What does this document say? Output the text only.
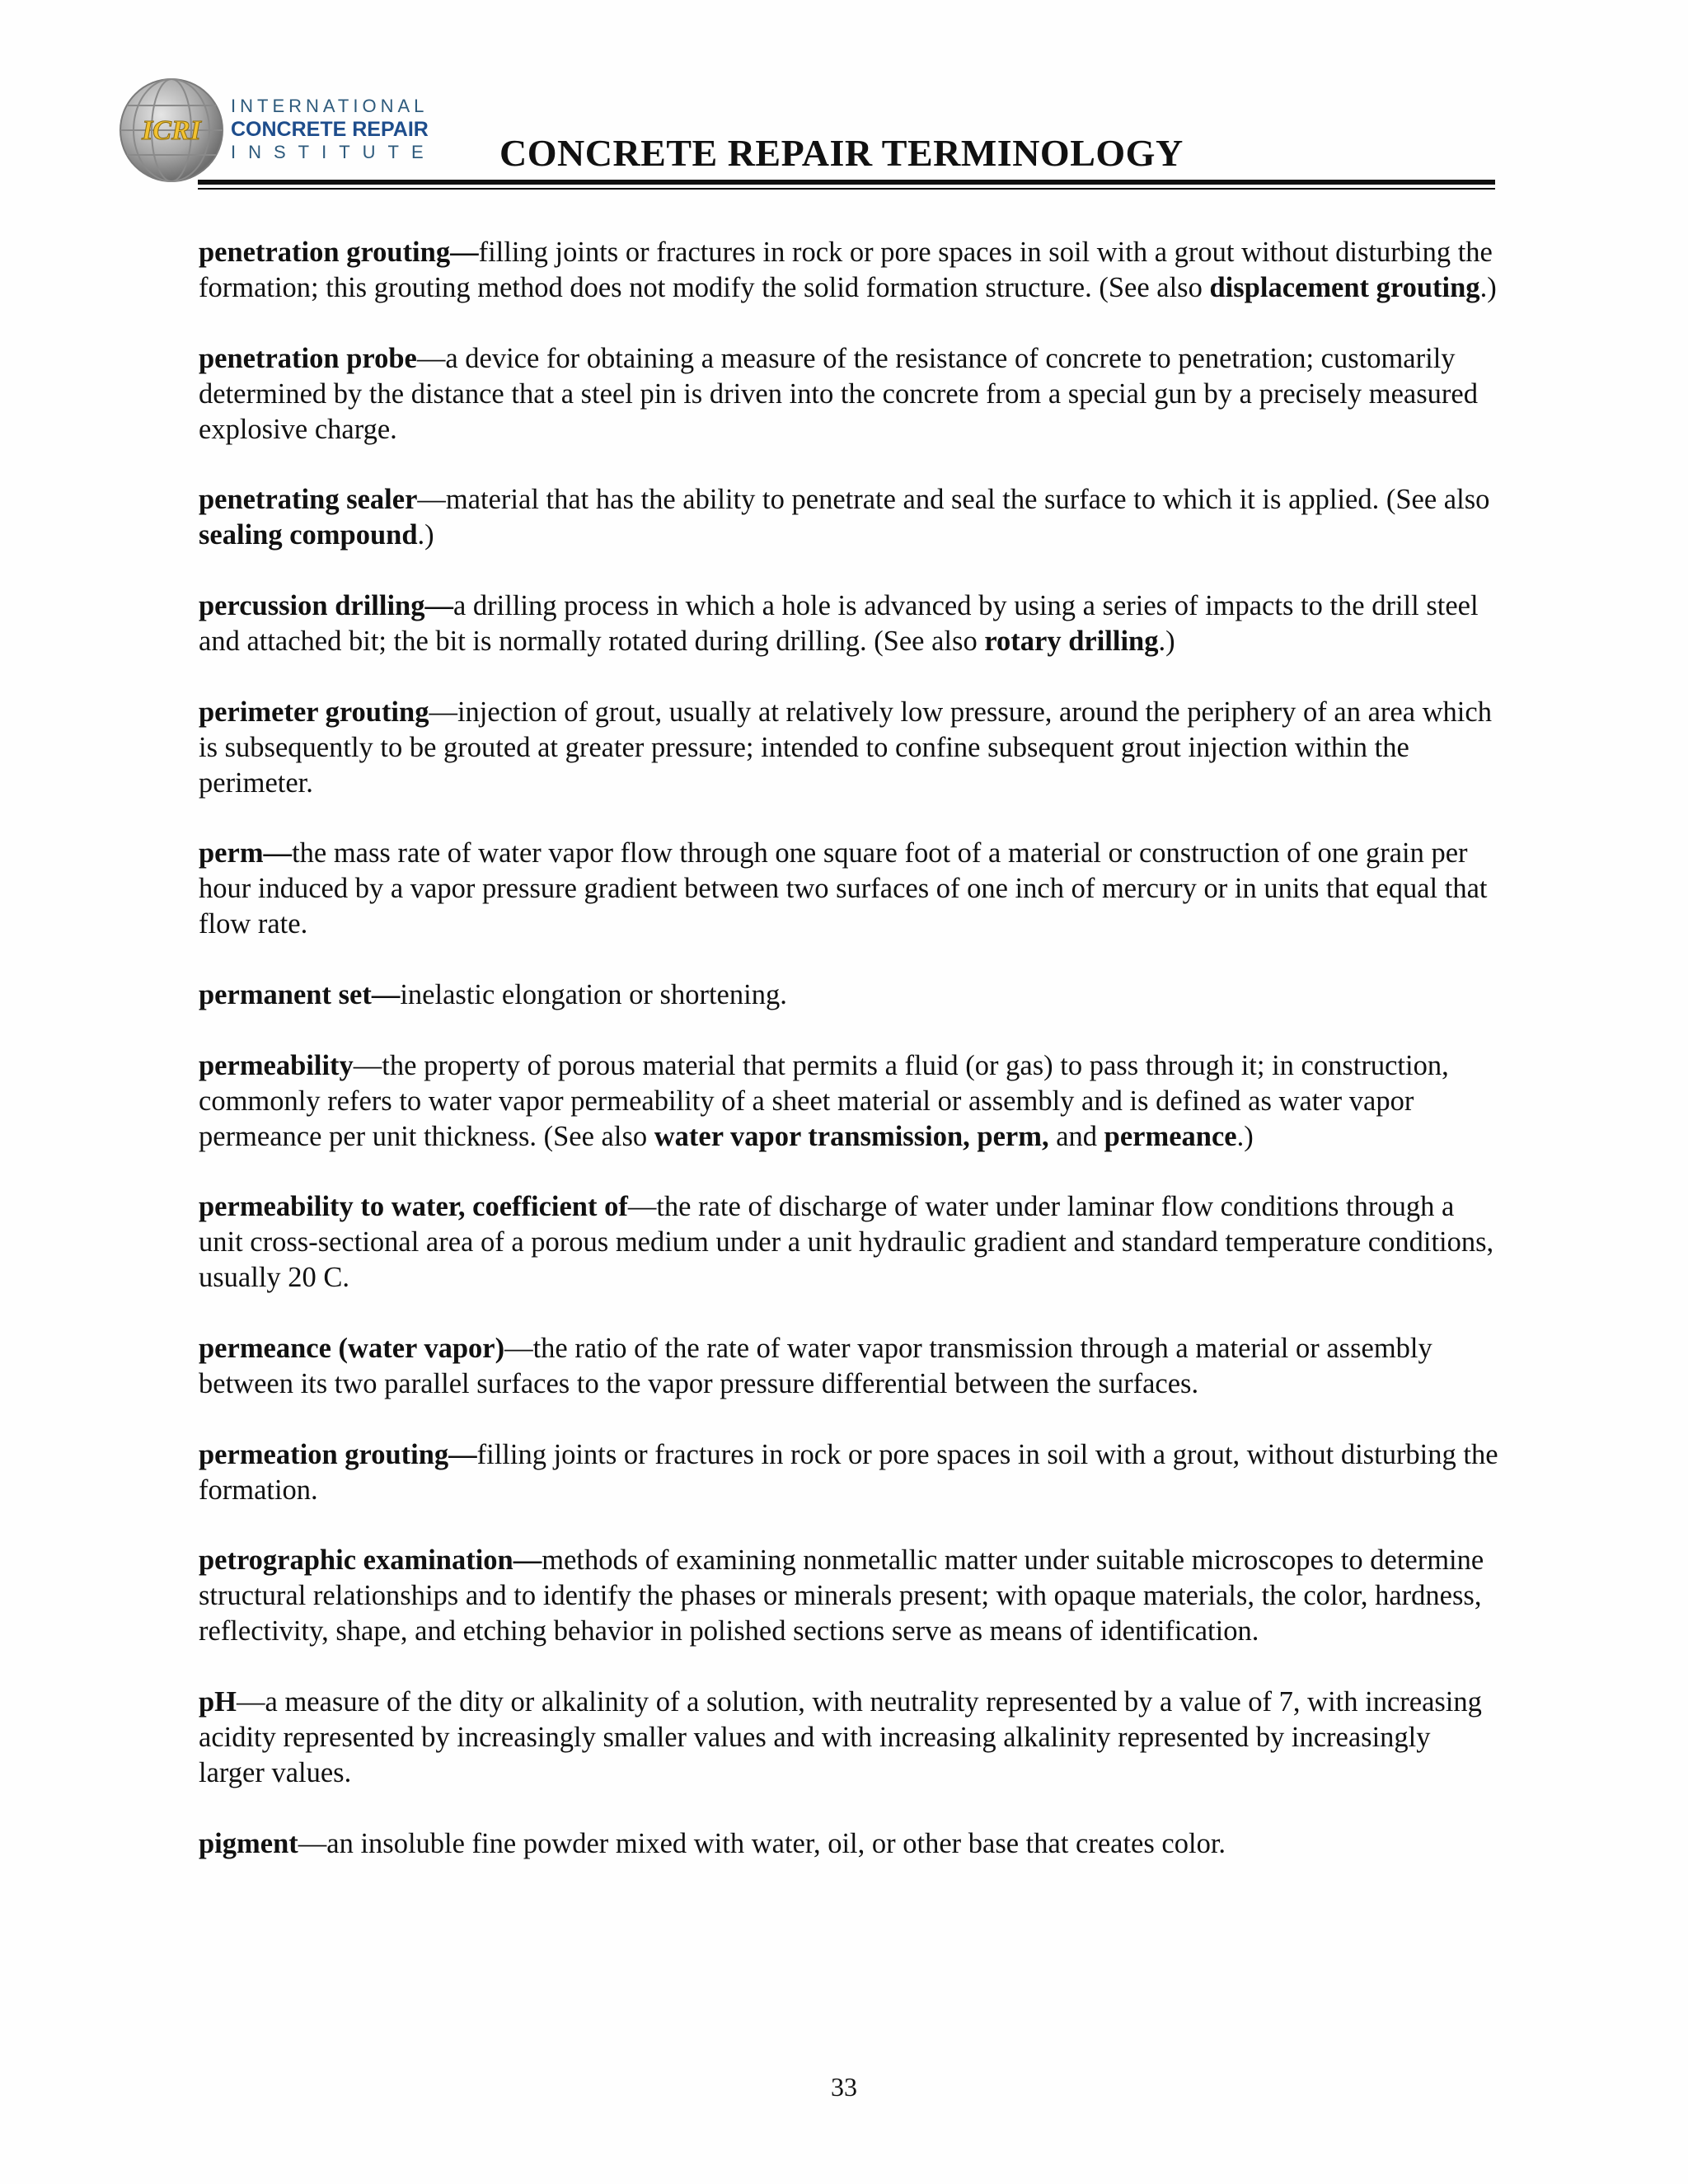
ICRI
INTERNATIONAL
CONCRETE REPAIR
INSTITUTE CONCRETE REPAIR TERMINOLOGY

penetration grouting—filling joints or fractures in rock or pore spaces in soil with a grout without disturbing the formation; this grouting method does not modify the solid formation structure. (See also displacement grouting.)

penetration probe—a device for obtaining a measure of the resistance of concrete to penetration; customarily determined by the distance that a steel pin is driven into the concrete from a special gun by a precisely measured explosive charge.

penetrating sealer—material that has the ability to penetrate and seal the surface to which it is applied. (See also sealing compound.)

percussion drilling—a drilling process in which a hole is advanced by using a series of impacts to the drill steel and attached bit; the bit is normally rotated during drilling. (See also rotary drilling.)

perimeter grouting—injection of grout, usually at relatively low pressure, around the periphery of an area which is subsequently to be grouted at greater pressure; intended to confine subsequent grout injection within the perimeter.

perm—the mass rate of water vapor flow through one square foot of a material or construction of one grain per hour induced by a vapor pressure gradient between two surfaces of one inch of mercury or in units that equal that flow rate.

permanent set—inelastic elongation or shortening.

permeability—the property of porous material that permits a fluid (or gas) to pass through it; in construction, commonly refers to water vapor permeability of a sheet material or assembly and is defined as water vapor permeance per unit thickness. (See also water vapor transmission, perm, and permeance.)

permeability to water, coefficient of—the rate of discharge of water under laminar flow conditions through a unit cross-sectional area of a porous medium under a unit hydraulic gradient and standard temperature conditions, usually 20 C.

permeance (water vapor)—the ratio of the rate of water vapor transmission through a material or assembly between its two parallel surfaces to the vapor pressure differential between the surfaces.

permeation grouting—filling joints or fractures in rock or pore spaces in soil with a grout, without disturbing the formation.

petrographic examination—methods of examining nonmetallic matter under suitable microscopes to determine structural relationships and to identify the phases or minerals present; with opaque materials, the color, hardness, reflectivity, shape, and etching behavior in polished sections serve as means of identification.

pH—a measure of the dity or alkalinity of a solution, with neutrality represented by a value of 7, with increasing acidity represented by increasingly smaller values and with increasing alkalinity represented by increasingly larger values.

pigment—an insoluble fine powder mixed with water, oil, or other base that creates color.

33
